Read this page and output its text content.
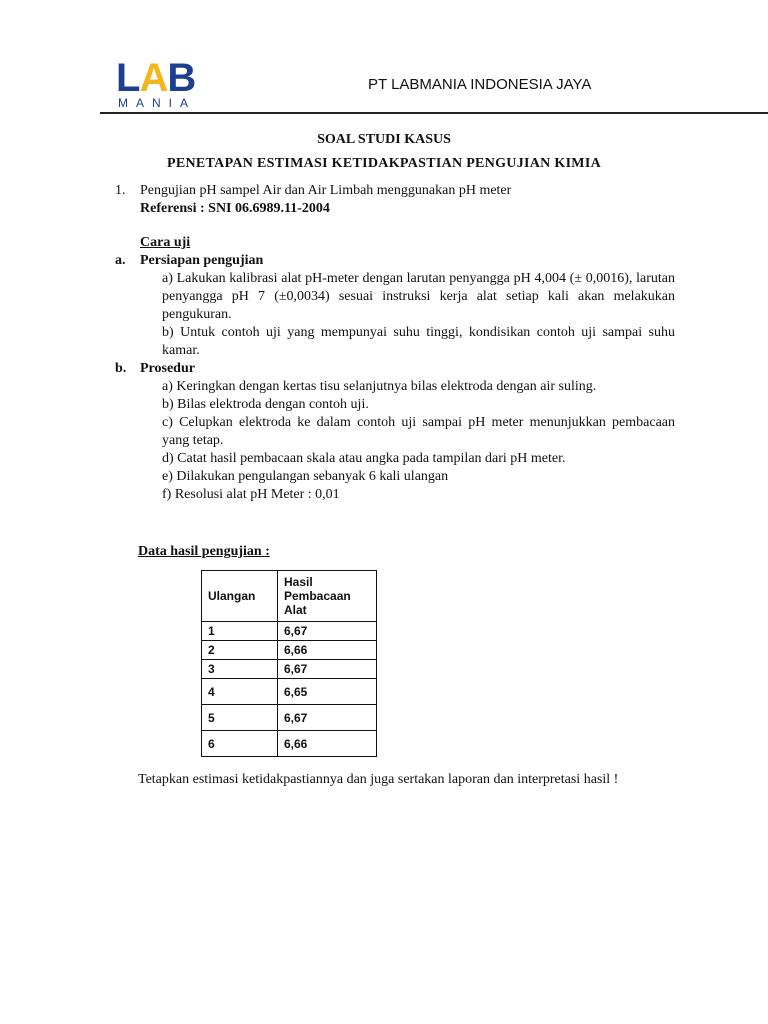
LAB
MANIA
PT LABMANIA INDONESIA JAYA
SOAL STUDI KASUS
PENETAPAN ESTIMASI KETIDAKPASTIAN PENGUJIAN KIMIA
1. Pengujian pH sampel Air dan Air Limbah menggunakan pH meter

Referensi : SNI 06.6989.11-2004

Cara uji

a. Persiapan pengujian

a) Lakukan kalibrasi alat pH-meter dengan larutan penyangga pH 4,004 (± 0,0016), larutan penyangga pH 7 (±0,0034) sesuai instruksi kerja alat setiap kali akan melakukan pengukuran.

b) Untuk contoh uji yang mempunyai suhu tinggi, kondisikan contoh uji sampai suhu kamar.

b. Prosedur

a) Keringkan dengan kertas tisu selanjutnya bilas elektroda dengan air suling.

b) Bilas elektroda dengan contoh uji.

c) Celupkan elektroda ke dalam contoh uji sampai pH meter menunjukkan pembacaan yang tetap.

d) Catat hasil pembacaan skala atau angka pada tampilan dari pH meter.

e) Dilakukan pengulangan sebanyak 6 kali ulangan

f) Resolusi alat pH Meter : 0,01

Data hasil pengujian :
Ulangan	Hasil Pembacaan Alat
1	6,67
2	6,66
3	6,67
4	6,65
5	6,67
6	6,66
Tetapkan estimasi ketidakpastiannya dan juga sertakan laporan dan interpretasi hasil !
